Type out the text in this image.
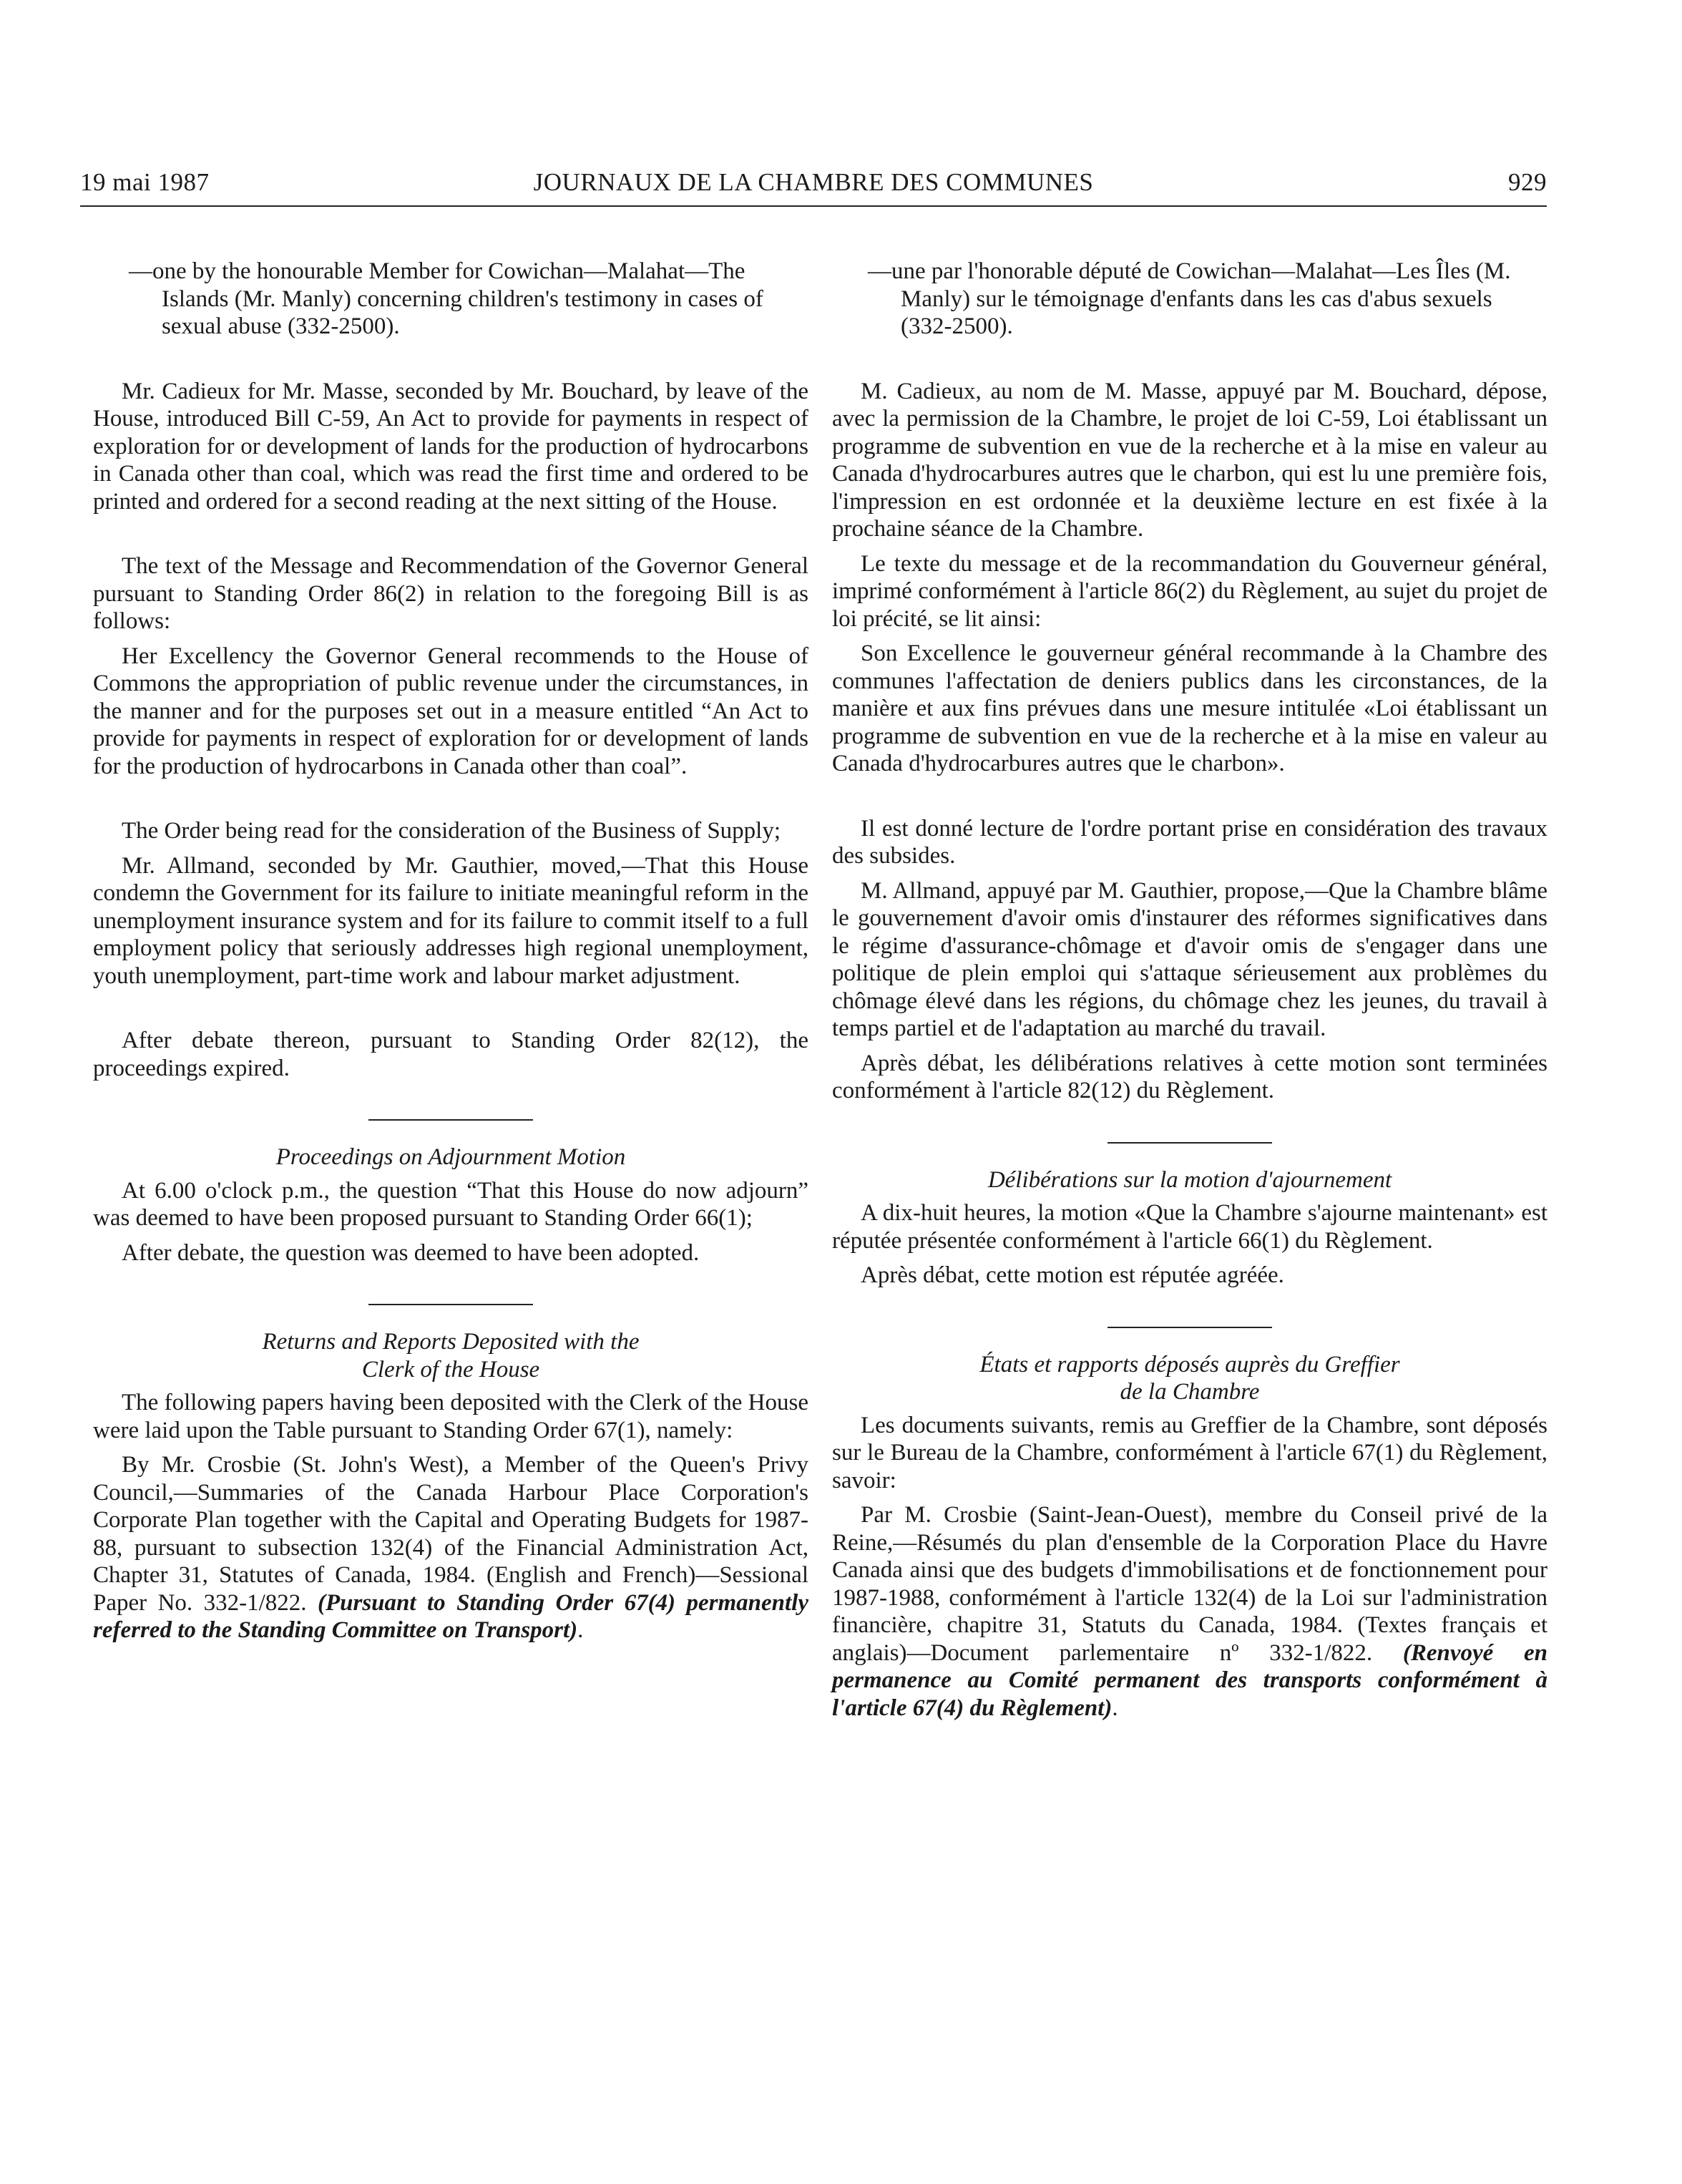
19 mai 1987	JOURNAUX DE LA CHAMBRE DES COMMUNES	929

—one by the honourable Member for Cowichan—Malahat—The Islands (Mr. Manly) concerning children's testimony in cases of sexual abuse (332-2500).

Mr. Cadieux for Mr. Masse, seconded by Mr. Bouchard, by leave of the House, introduced Bill C-59, An Act to provide for payments in respect of exploration for or development of lands for the production of hydrocarbons in Canada other than coal, which was read the first time and ordered to be printed and ordered for a second reading at the next sitting of the House.

The text of the Message and Recommendation of the Governor General pursuant to Standing Order 86(2) in relation to the foregoing Bill is as follows:

Her Excellency the Governor General recommends to the House of Commons the appropriation of public revenue under the circumstances, in the manner and for the purposes set out in a measure entitled “An Act to provide for payments in respect of exploration for or development of lands for the production of hydrocarbons in Canada other than coal”.

The Order being read for the consideration of the Business of Supply;

Mr. Allmand, seconded by Mr. Gauthier, moved,—That this House condemn the Government for its failure to initiate meaningful reform in the unemployment insurance system and for its failure to commit itself to a full employment policy that seriously addresses high regional unemployment, youth unemployment, part-time work and labour market adjustment.

After debate thereon, pursuant to Standing Order 82(12), the proceedings expired.

Proceedings on Adjournment Motion

At 6.00 o'clock p.m., the question “That this House do now adjourn” was deemed to have been proposed pursuant to Standing Order 66(1);

After debate, the question was deemed to have been adopted.

Returns and Reports Deposited with the

Clerk of the House

The following papers having been deposited with the Clerk of the House were laid upon the Table pursuant to Standing Order 67(1), namely:

By Mr. Crosbie (St. John's West), a Member of the Queen's Privy Council,—Summaries of the Canada Harbour Place Corporation's Corporate Plan together with the Capital and Operating Budgets for 1987-88, pursuant to subsection 132(4) of the Financial Administration Act, Chapter 31, Statutes of Canada, 1984. (English and French)—Sessional Paper No. 332-1/822. (Pursuant to Standing Order 67(4) permanently referred to the Standing Committee on Transport).

—une par l'honorable député de Cowichan—Malahat—Les Îles (M. Manly) sur le témoignage d'enfants dans les cas d'abus sexuels (332-2500).

M. Cadieux, au nom de M. Masse, appuyé par M. Bouchard, dépose, avec la permission de la Chambre, le projet de loi C-59, Loi établissant un programme de subvention en vue de la recherche et à la mise en valeur au Canada d'hydrocarbures autres que le charbon, qui est lu une première fois, l'impression en est ordonnée et la deuxième lecture en est fixée à la prochaine séance de la Chambre.

Le texte du message et de la recommandation du Gouverneur général, imprimé conformément à l'article 86(2) du Règlement, au sujet du projet de loi précité, se lit ainsi:

Son Excellence le gouverneur général recommande à la Chambre des communes l'affectation de deniers publics dans les circonstances, de la manière et aux fins prévues dans une mesure intitulée «Loi établissant un programme de subvention en vue de la recherche et à la mise en valeur au Canada d'hydrocarbures autres que le charbon».

Il est donné lecture de l'ordre portant prise en considération des travaux des subsides.

M. Allmand, appuyé par M. Gauthier, propose,—Que la Chambre blâme le gouvernement d'avoir omis d'instaurer des réformes significatives dans le régime d'assurance-chômage et d'avoir omis de s'engager dans une politique de plein emploi qui s'attaque sérieusement aux problèmes du chômage élevé dans les régions, du chômage chez les jeunes, du travail à temps partiel et de l'adaptation au marché du travail.

Après débat, les délibérations relatives à cette motion sont terminées conformément à l'article 82(12) du Règlement.

Délibérations sur la motion d'ajournement

A dix-huit heures, la motion «Que la Chambre s'ajourne maintenant» est réputée présentée conformément à l'article 66(1) du Règlement.

Après débat, cette motion est réputée agréée.

États et rapports déposés auprès du Greffier

de la Chambre

Les documents suivants, remis au Greffier de la Chambre, sont déposés sur le Bureau de la Chambre, conformément à l'article 67(1) du Règlement, savoir:

Par M. Crosbie (Saint-Jean-Ouest), membre du Conseil privé de la Reine,—Résumés du plan d'ensemble de la Corporation Place du Havre Canada ainsi que des budgets d'immobilisations et de fonctionnement pour 1987-1988, conformément à l'article 132(4) de la Loi sur l'administration financière, chapitre 31, Statuts du Canada, 1984. (Textes français et anglais)—Document parlementaire nº 332-1/822. (Renvoyé en permanence au Comité permanent des transports conformément à l'article 67(4) du Règlement).
